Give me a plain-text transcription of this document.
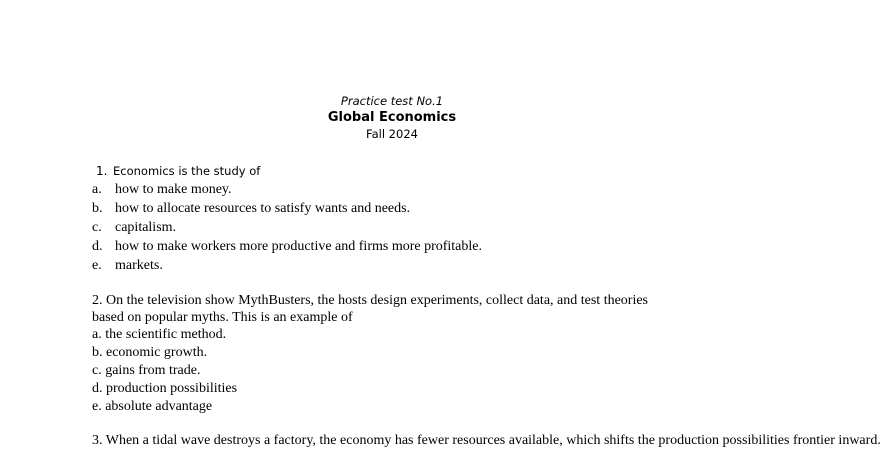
Practice test No.1
Global Economics
Fall 2024
1. Economics is the study of
a. how to make money.
b. how to allocate resources to satisfy wants and needs.
c. capitalism.
d. how to make workers more productive and firms more profitable.
e. markets.
2. On the television show MythBusters, the hosts design experiments, collect data, and test theories based on popular myths. This is an example of
a. the scientific method.
b. economic growth.
c. gains from trade.
d. production possibilities
e. absolute advantage
3. When a tidal wave destroys a factory, the economy has fewer resources available, which shifts the production possibilities frontier inward.
